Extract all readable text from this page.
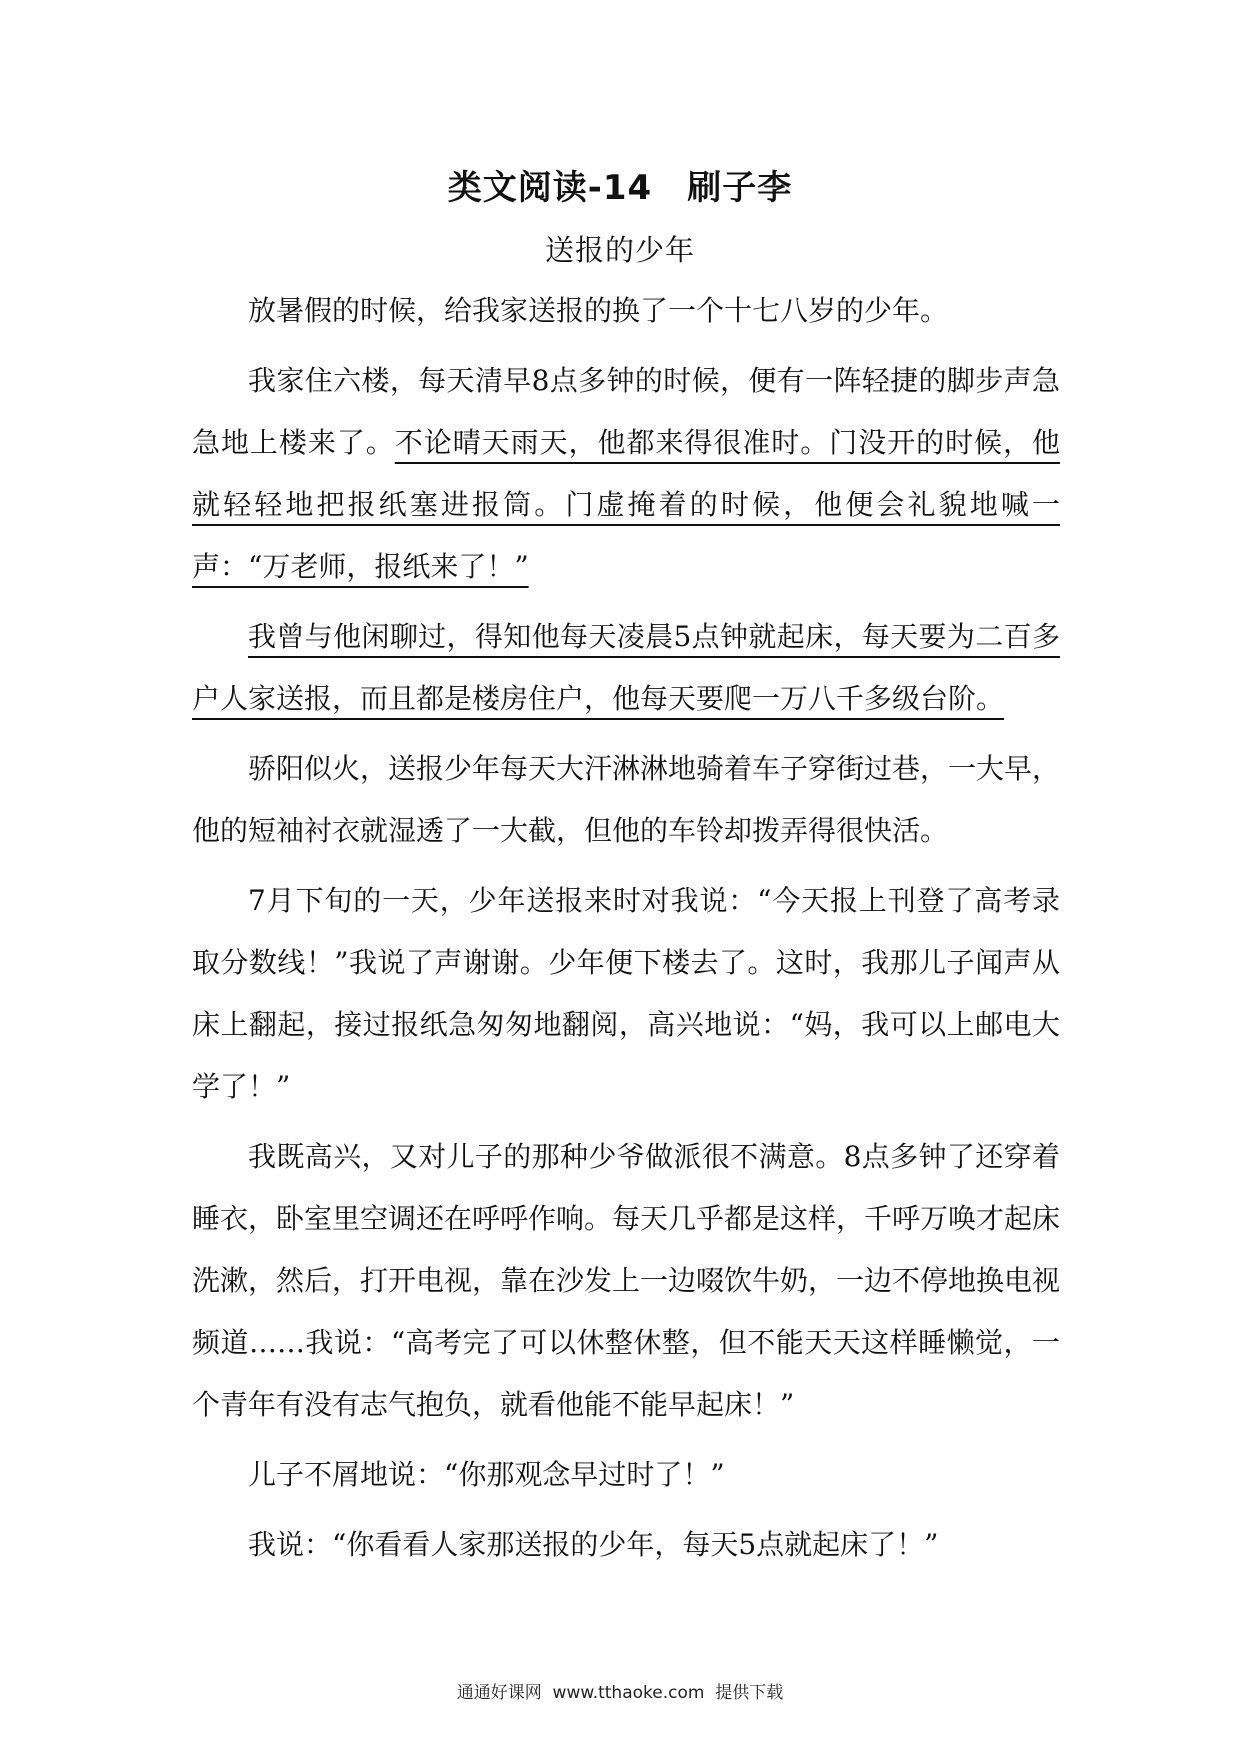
类文阅读-14　刷子李
送报的少年

放暑假的时候，给我家送报的换了一个十七八岁的少年。

我家住六楼，每天清早8点多钟的时候，便有一阵轻捷的脚步声急急地上楼来了。不论晴天雨天，他都来得很准时。门没开的时候，他就轻轻地把报纸塞进报筒。门虚掩着的时候，他便会礼貌地喊一声：“万老师，报纸来了！”

我曾与他闲聊过，得知他每天凌晨5点钟就起床，每天要为二百多户人家送报，而且都是楼房住户，他每天要爬一万八千多级台阶。

骄阳似火，送报少年每天大汗淋淋地骑着车子穿街过巷，一大早，他的短袖衬衣就湿透了一大截，但他的车铃却拨弄得很快活。

7月下旬的一天，少年送报来时对我说：“今天报上刊登了高考录取分数线！”我说了声谢谢。少年便下楼去了。这时，我那儿子闻声从床上翻起，接过报纸急匆匆地翻阅，高兴地说：“妈，我可以上邮电大学了！”

我既高兴，又对儿子的那种少爷做派很不满意。8点多钟了还穿着睡衣，卧室里空调还在呼呼作响。每天几乎都是这样，千呼万唤才起床洗漱，然后，打开电视，靠在沙发上一边啜饮牛奶，一边不停地换电视频道……我说：“高考完了可以休整休整，但不能天天这样睡懒觉，一个青年有没有志气抱负，就看他能不能早起床！”

儿子不屑地说：“你那观念早过时了！”

我说：“你看看人家那送报的少年，每天5点就起床了！”

通通好课网  www.tthaoke.com  提供下载
